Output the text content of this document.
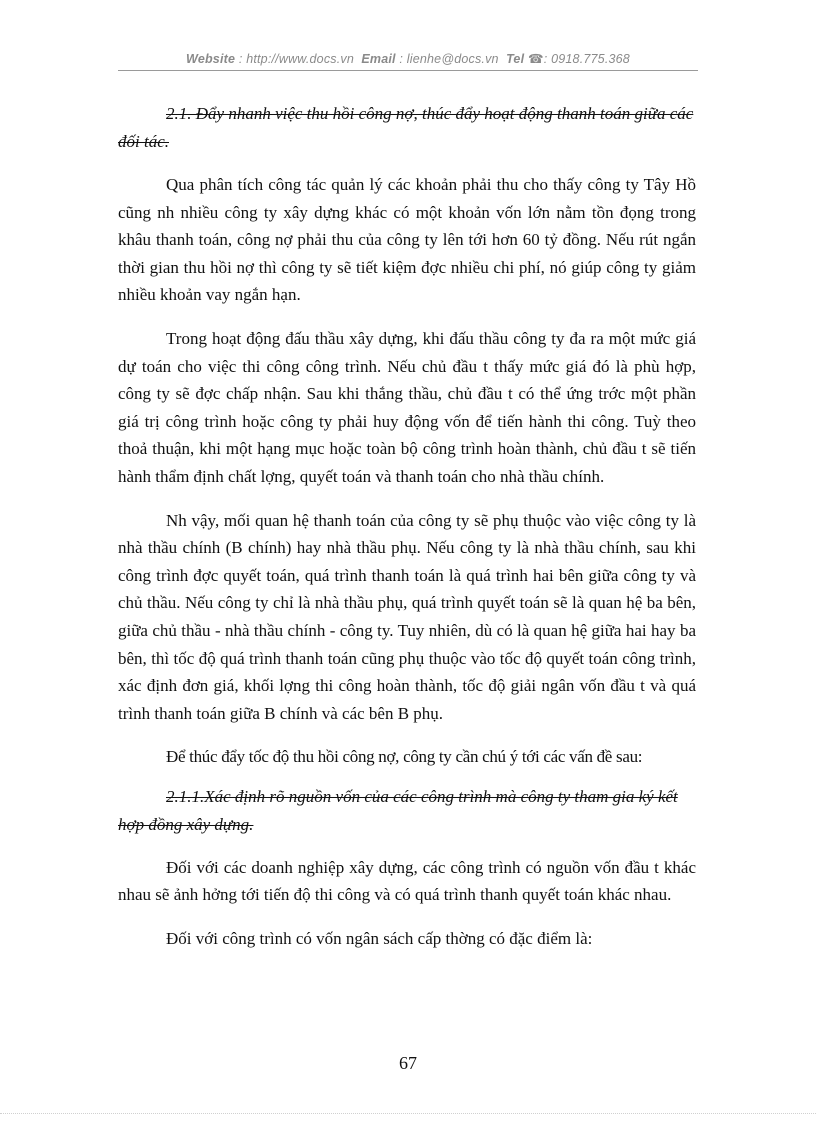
Website : http://www.docs.vn Email : lienhe@docs.vn Tel ☎: 0918.775.368

2.1. Đẩy nhanh việc thu hồi công nợ, thúc đẩy hoạt động thanh toán giữa các đối tác.

Qua phân tích công tác quản lý các khoản phải thu cho thấy công ty Tây Hồ cũng nh nhiều công ty xây dựng khác có một khoản vốn lớn nằm tồn đọng trong khâu thanh toán, công nợ phải thu của công ty lên tới hơn 60 tỷ đồng. Nếu rút ngắn thời gian thu hồi nợ thì công ty sẽ tiết kiệm đợc nhiều chi phí, nó giúp công ty giảm nhiều khoản vay ngắn hạn.

Trong hoạt động đấu thầu xây dựng, khi đấu thầu công ty đa ra một mức giá dự toán cho việc thi công công trình. Nếu chủ đầu t thấy mức giá đó là phù hợp, công ty sẽ đợc chấp nhận. Sau khi thắng thầu, chủ đầu t có thể ứng trớc một phần giá trị công trình hoặc công ty phải huy động vốn để tiến hành thi công. Tuỳ theo thoả thuận, khi một hạng mục hoặc toàn bộ công trình hoàn thành, chủ đầu t sẽ tiến hành thẩm định chất lợng, quyết toán và thanh toán cho nhà thầu chính.

Nh vậy, mối quan hệ thanh toán của công ty sẽ phụ thuộc vào việc công ty là nhà thầu chính (B chính) hay nhà thầu phụ. Nếu công ty là nhà thầu chính, sau khi công trình đợc quyết toán, quá trình thanh toán là quá trình hai bên giữa công ty và chủ thầu. Nếu công ty chỉ là nhà thầu phụ, quá trình quyết toán sẽ là quan hệ ba bên, giữa chủ thầu - nhà thầu chính - công ty. Tuy nhiên, dù có là quan hệ giữa hai hay ba bên, thì tốc độ quá trình thanh toán cũng phụ thuộc vào tốc độ quyết toán công trình, xác định đơn giá, khối lợng thi công hoàn thành, tốc độ giải ngân vốn đầu t và quá trình thanh toán giữa B chính và các bên B phụ.

Để thúc đẩy tốc độ thu hồi công nợ, công ty cần chú ý tới các vấn đề sau:

2.1.1.Xác định rõ nguồn vốn của các công trình mà công ty tham gia ký kết hợp đồng xây dựng.

Đối với các doanh nghiệp xây dựng, các công trình có nguồn vốn đầu t khác nhau sẽ ảnh hởng tới tiến độ thi công và có quá trình thanh quyết toán khác nhau.

Đối với công trình có vốn ngân sách cấp thờng có đặc điểm là:

67
